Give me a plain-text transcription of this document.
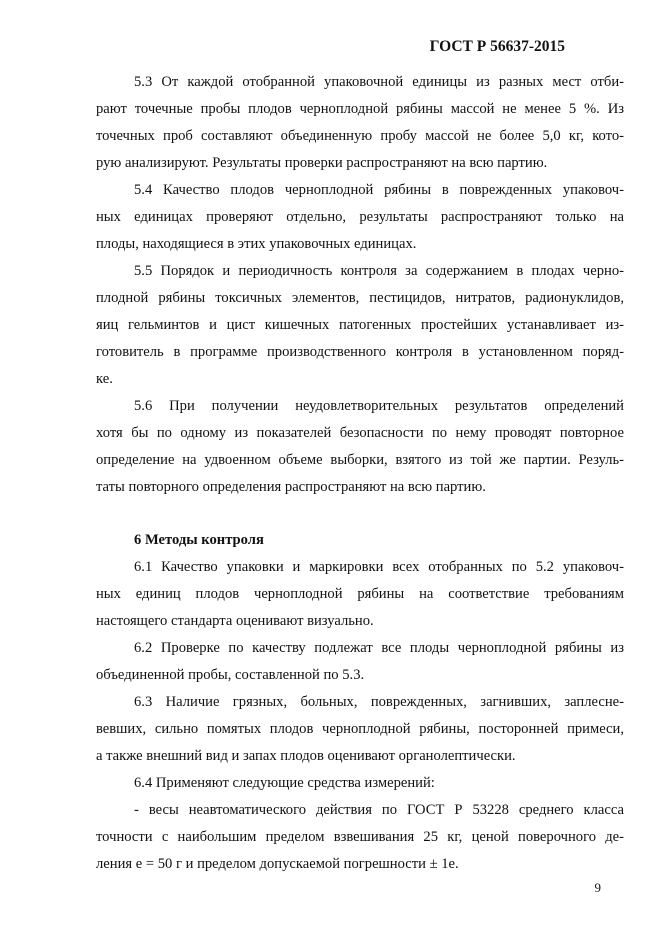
ГОСТ Р 56637-2015
5.3 От каждой отобранной упаковочной единицы из разных мест отби-
рают точечные пробы плодов черноплодной рябины массой не менее 5 %. Из
точечных проб составляют объединенную пробу массой не более 5,0 кг, кото-
рую анализируют. Результаты проверки распространяют на всю партию.
5.4 Качество плодов черноплодной рябины в поврежденных упаковоч-
ных единицах проверяют отдельно, результаты распространяют только на
плоды, находящиеся в этих упаковочных единицах.
5.5 Порядок и периодичность контроля за содержанием в плодах черно-
плодной рябины токсичных элементов, пестицидов, нитратов, радионуклидов,
яиц гельминтов и цист кишечных патогенных простейших устанавливает из-
готовитель в программе производственного контроля в установленном поряд-
ке.
5.6 При получении неудовлетворительных результатов определений
хотя бы по одному из показателей безопасности по нему проводят повторное
определение на удвоенном объеме выборки, взятого из той же партии. Резуль-
таты повторного определения распространяют на всю партию.
6 Методы контроля
6.1 Качество упаковки и маркировки всех отобранных по 5.2 упаковоч-
ных единиц плодов черноплодной рябины на соответствие требованиям
настоящего стандарта оценивают визуально.
6.2 Проверке по качеству подлежат все плоды черноплодной рябины из
объединенной пробы, составленной по 5.3.
6.3 Наличие грязных, больных, поврежденных, загнивших, заплесне-
вевших, сильно помятых плодов черноплодной рябины, посторонней примеси,
а также внешний вид и запах плодов оценивают органолептически.
6.4 Применяют следующие средства измерений:
- весы неавтоматического действия по ГОСТ Р 53228 среднего класса
точности с наибольшим пределом взвешивания 25 кг, ценой поверочного де-
ления е = 50 г и пределом допускаемой погрешности ± 1е.
9
